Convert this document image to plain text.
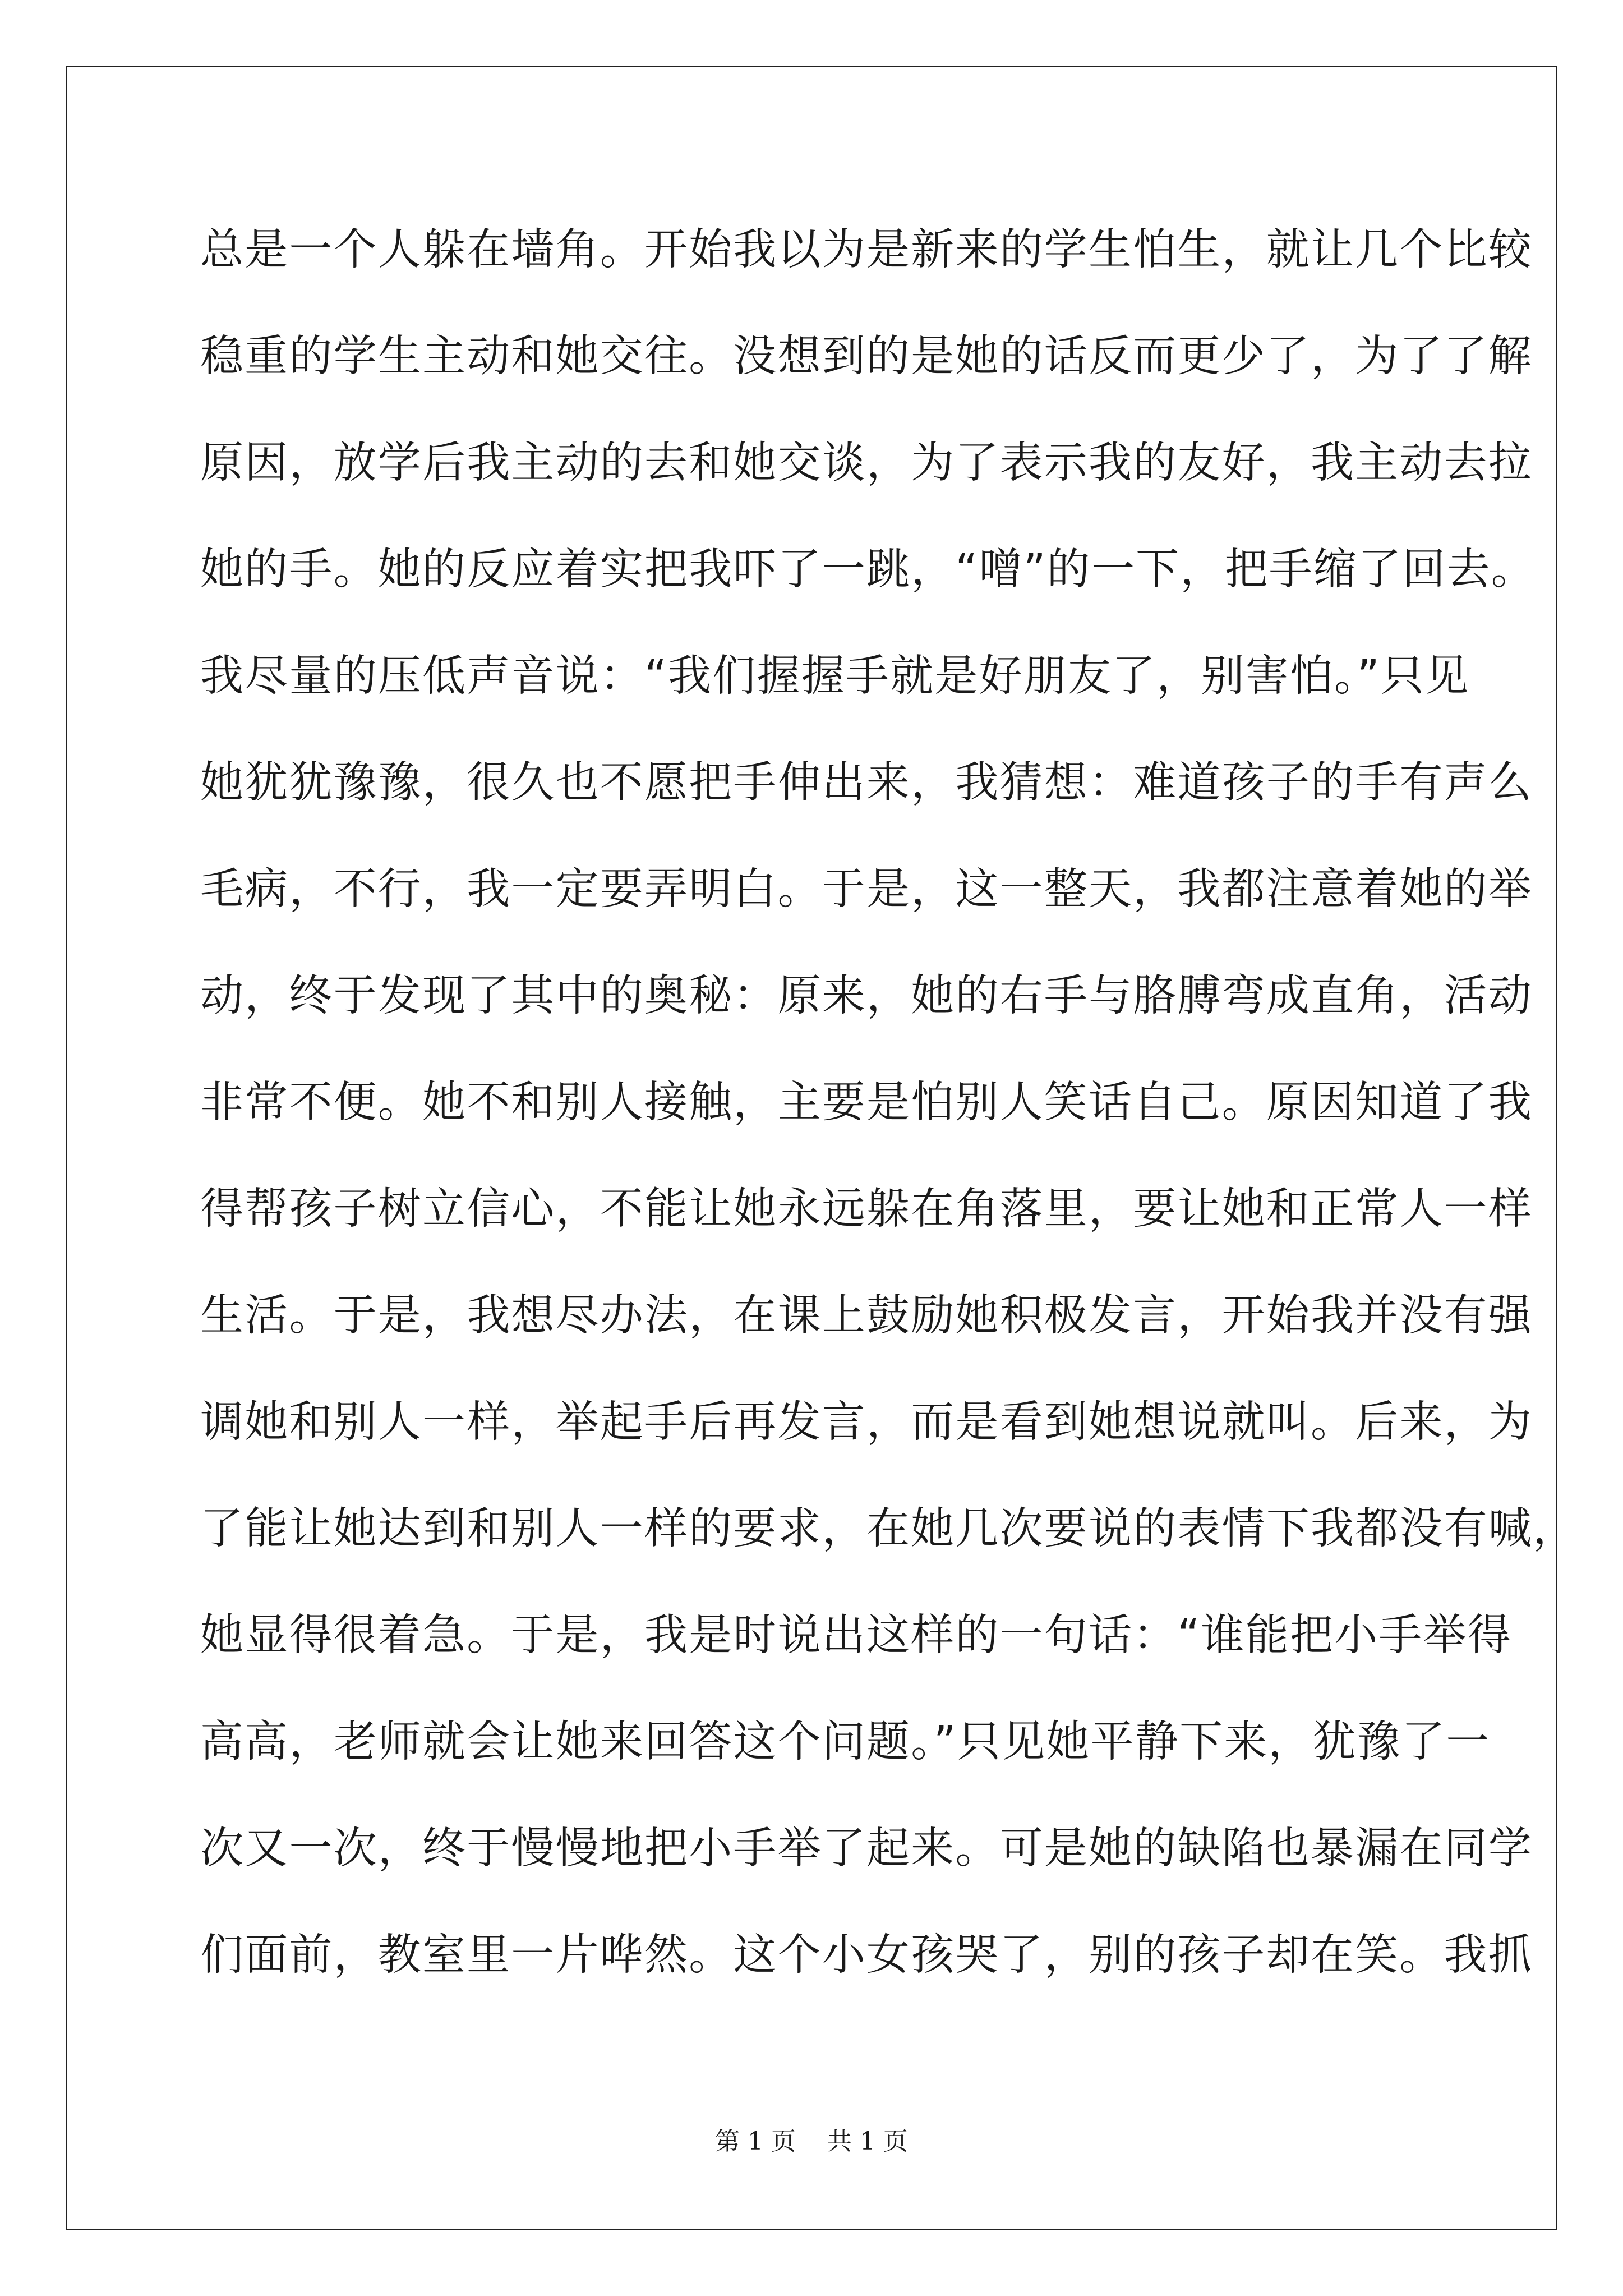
总是一个人躲在墙角。开始我以为是新来的学生怕生，就让几个比较
稳重的学生主动和她交往。没想到的是她的话反而更少了，为了了解
原因，放学后我主动的去和她交谈，为了表示我的友好，我主动去拉
她的手。她的反应着实把我吓了一跳，“噌”的一下，把手缩了回去。
我尽量的压低声音说：“我们握握手就是好朋友了，别害怕。”只见
她犹犹豫豫，很久也不愿把手伸出来，我猜想：难道孩子的手有声么
毛病，不行，我一定要弄明白。于是，这一整天，我都注意着她的举
动，终于发现了其中的奥秘：原来，她的右手与胳膊弯成直角，活动
非常不便。她不和别人接触，主要是怕别人笑话自己。原因知道了我
得帮孩子树立信心，不能让她永远躲在角落里，要让她和正常人一样
生活。于是，我想尽办法，在课上鼓励她积极发言，开始我并没有强
调她和别人一样，举起手后再发言，而是看到她想说就叫。后来，为
了能让她达到和别人一样的要求，在她几次要说的表情下我都没有喊，
她显得很着急。于是，我是时说出这样的一句话：“谁能把小手举得
高高，老师就会让她来回答这个问题。”只见她平静下来，犹豫了一
次又一次，终于慢慢地把小手举了起来。可是她的缺陷也暴漏在同学
们面前，教室里一片哗然。这个小女孩哭了，别的孩子却在笑。我抓
第 1 页    共 1 页
